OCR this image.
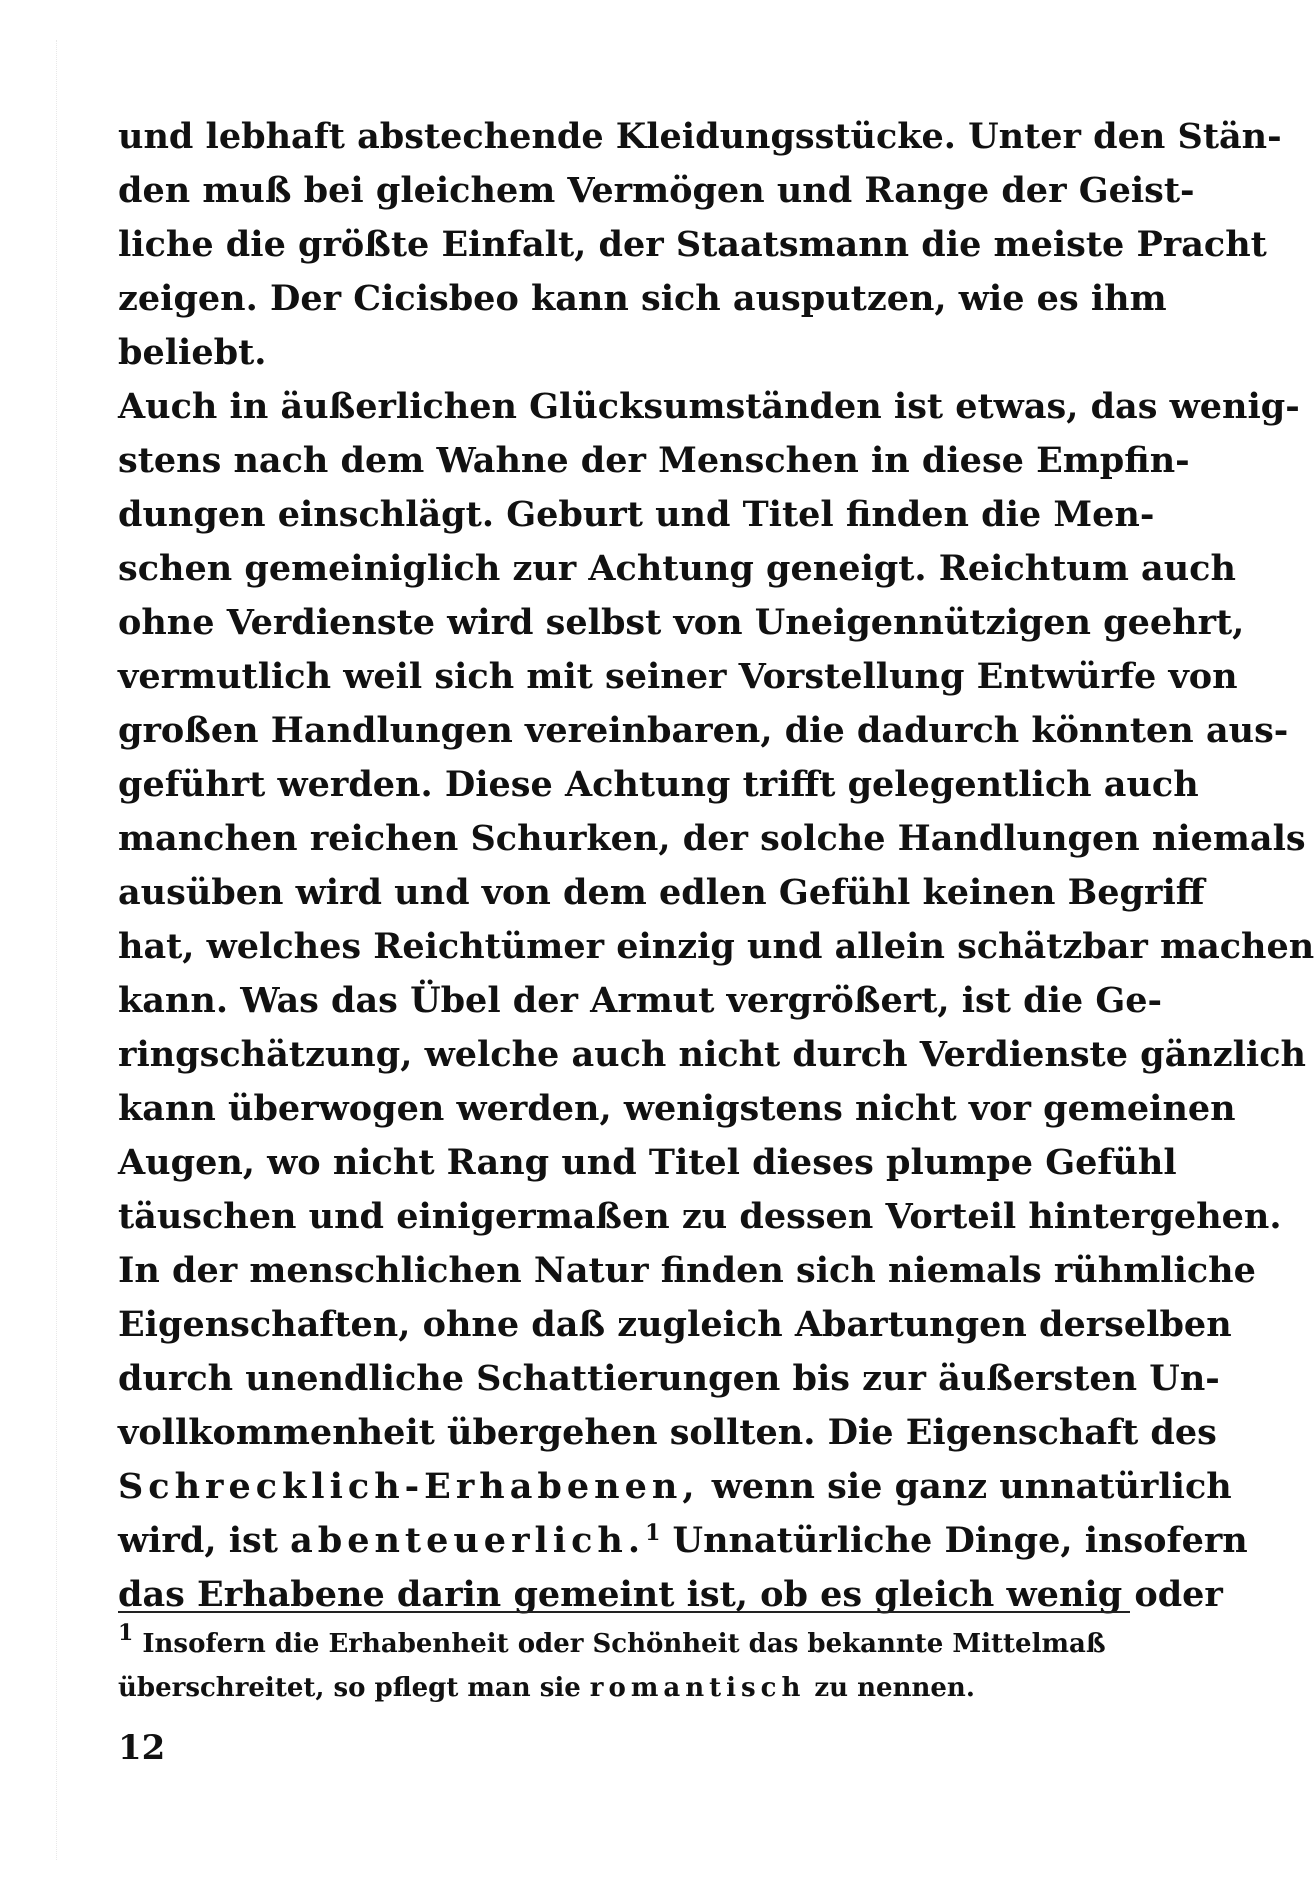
und lebhaft abstechende Kleidungsstücke. Unter den Stän-
den muß bei gleichem Vermögen und Range der Geist-
liche die größte Einfalt, der Staatsmann die meiste Pracht
zeigen. Der Cicisbeo kann sich ausputzen, wie es ihm
beliebt.
Auch in äußerlichen Glücksumständen ist etwas, das wenig-
stens nach dem Wahne der Menschen in diese Empfin-
dungen einschlägt. Geburt und Titel finden die Men-
schen gemeiniglich zur Achtung geneigt. Reichtum auch
ohne Verdienste wird selbst von Uneigennützigen geehrt,
vermutlich weil sich mit seiner Vorstellung Entwürfe von
großen Handlungen vereinbaren, die dadurch könnten aus-
geführt werden. Diese Achtung trifft gelegentlich auch
manchen reichen Schurken, der solche Handlungen niemals
ausüben wird und von dem edlen Gefühl keinen Begriff
hat, welches Reichtümer einzig und allein schätzbar machen
kann. Was das Übel der Armut vergrößert, ist die Ge-
ringschätzung, welche auch nicht durch Verdienste gänzlich
kann überwogen werden, wenigstens nicht vor gemeinen
Augen, wo nicht Rang und Titel dieses plumpe Gefühl
täuschen und einigermaßen zu dessen Vorteil hintergehen.
In der menschlichen Natur finden sich niemals rühmliche
Eigenschaften, ohne daß zugleich Abartungen derselben
durch unendliche Schattierungen bis zur äußersten Un-
vollkommenheit übergehen sollten. Die Eigenschaft des
Schrecklich-Erhabenen, wenn sie ganz unnatürlich
wird, ist abenteuerlich.$^1$ Unnatürliche Dinge, insofern
das Erhabene darin gemeint ist, ob es gleich wenig oder
$^1$ Insofern die Erhabenheit oder Schönheit das bekannte Mittelmaß
überschreitet, so pflegt man sie romantisch zu nennen.
12
